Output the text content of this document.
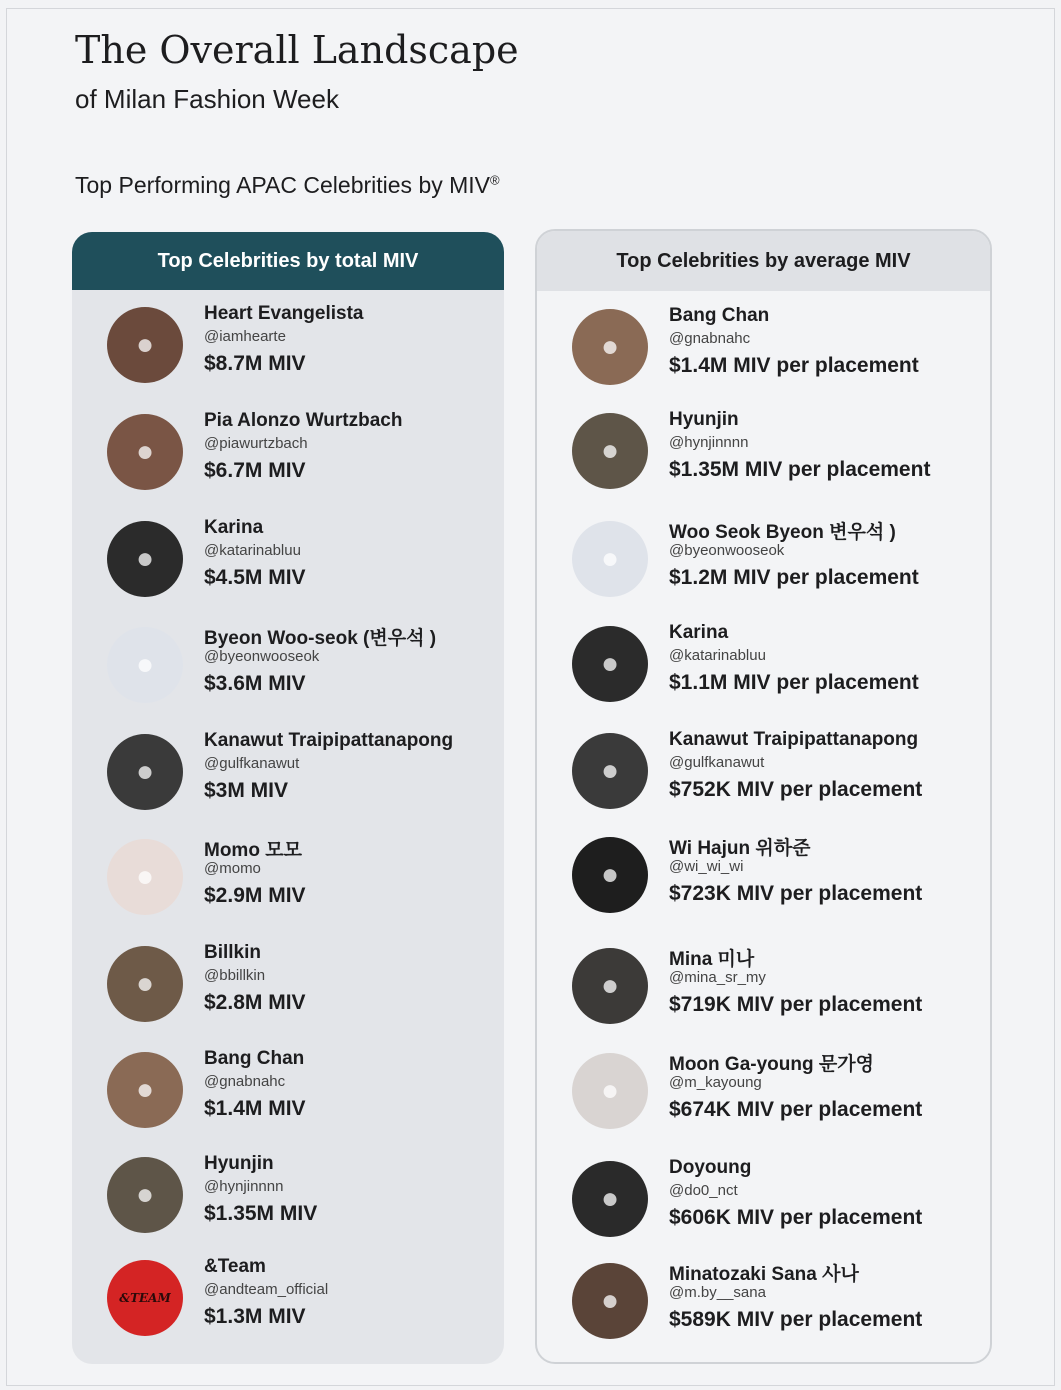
The Overall Landscape
of Milan Fashion Week
Top Performing APAC Celebrities by MIV®
Top Celebrities by total MIV
●
Heart Evangelista
@iamhearte
$8.7M MIV
●
Pia Alonzo Wurtzbach
@piawurtzbach
$6.7M MIV
●
Karina
@katarinabluu
$4.5M MIV
●
Byeon Woo-seok (변우석 )
@byeonwooseok
$3.6M MIV
●
Kanawut Traipipattanapong
@gulfkanawut
$3M MIV
●
Momo 모모
@momo
$2.9M MIV
●
Billkin
@bbillkin
$2.8M MIV
●
Bang Chan
@gnabnahc
$1.4M MIV
●
Hyunjin
@hynjinnnn
$1.35M MIV
&TEAM
&Team
@andteam_official
$1.3M MIV
Top Celebrities by average MIV
●
Bang Chan
@gnabnahc
$1.4M MIV per placement
●
Hyunjin
@hynjinnnn
$1.35M MIV per placement
●
Woo Seok Byeon 변우석 )
@byeonwooseok
$1.2M MIV per placement
●
Karina
@katarinabluu
$1.1M MIV per placement
●
Kanawut Traipipattanapong
@gulfkanawut
$752K MIV per placement
●
Wi Hajun 위하준
@wi_wi_wi
$723K MIV per placement
●
Mina 미나
@mina_sr_my
$719K MIV per placement
●
Moon Ga-young 문가영
@m_kayoung
$674K MIV per placement
●
Doyoung
@do0_nct
$606K MIV per placement
●
Minatozaki Sana 사나
@m.by__sana
$589K MIV per placement
